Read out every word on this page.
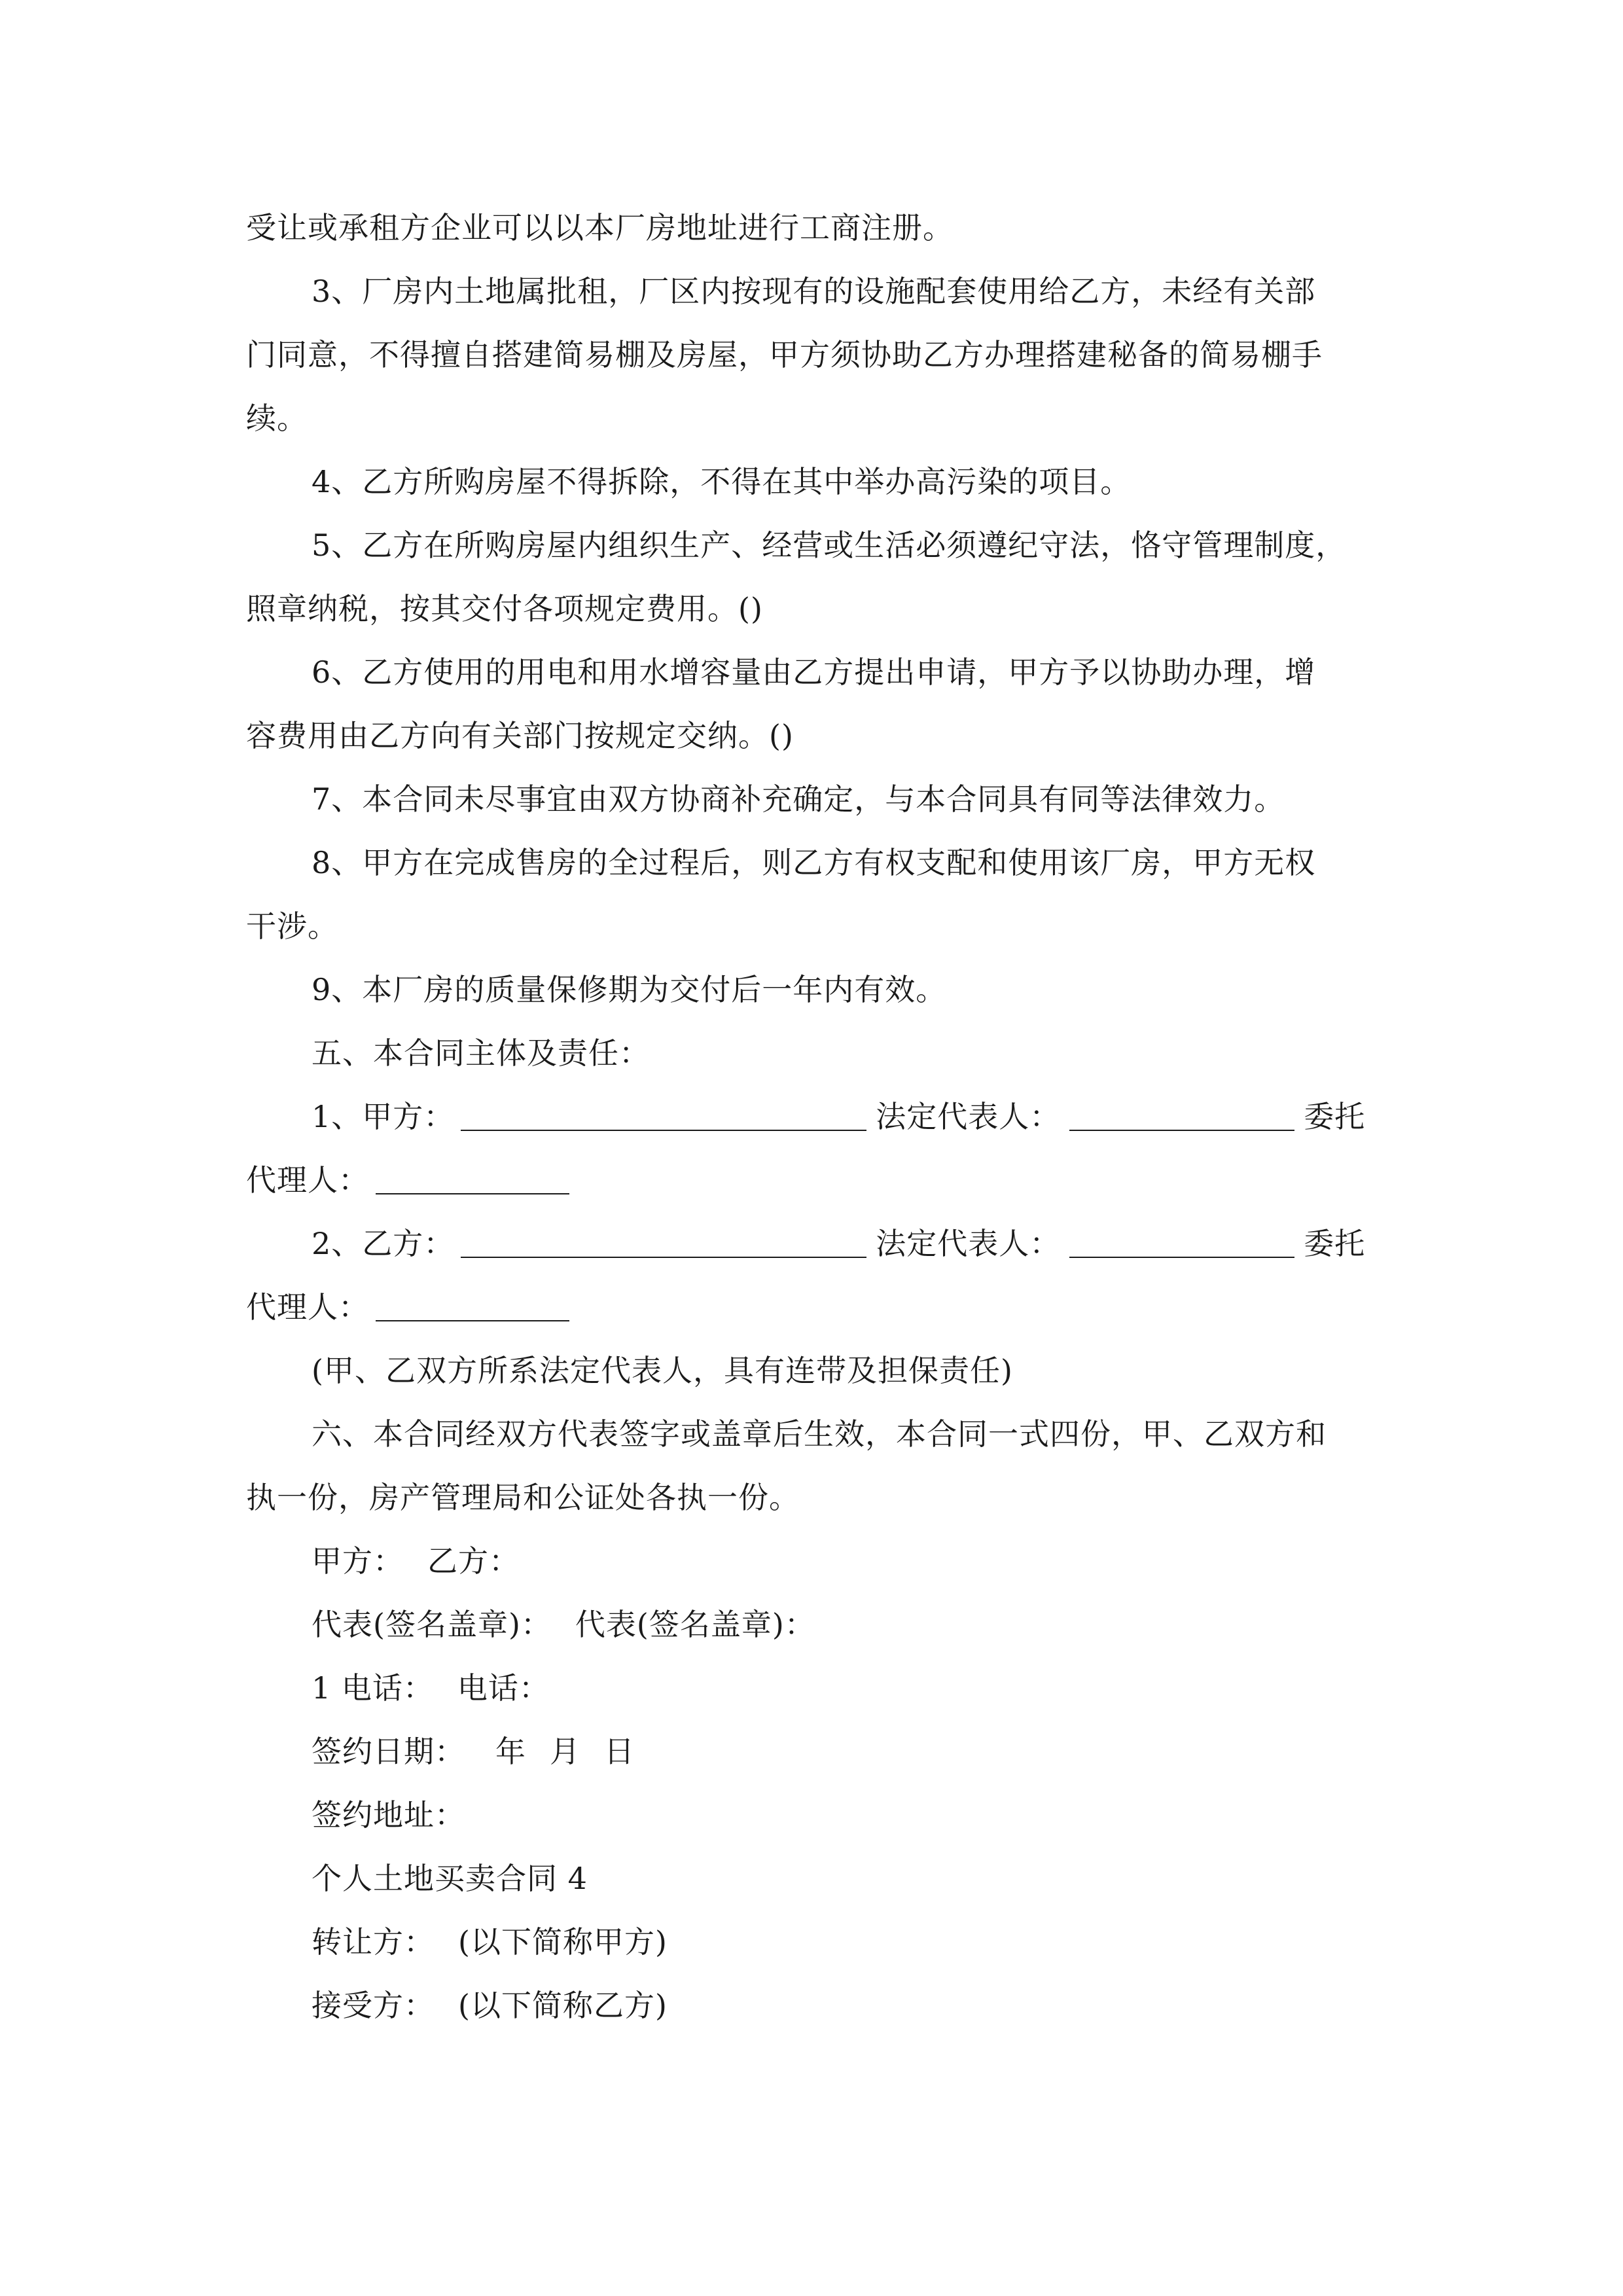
受让或承租方企业可以以本厂房地址进行工商注册。
3、厂房内土地属批租，厂区内按现有的设施配套使用给乙方，未经有关部
门同意，不得擅自搭建简易棚及房屋，甲方须协助乙方办理搭建秘备的简易棚手
续。
4、乙方所购房屋不得拆除，不得在其中举办高污染的项目。
5、乙方在所购房屋内组织生产、经营或生活必须遵纪守法，恪守管理制度，
照章纳税，按其交付各项规定费用。()
6、乙方使用的用电和用水增容量由乙方提出申请，甲方予以协助办理，增
容费用由乙方向有关部门按规定交纳。()
7、本合同未尽事宜由双方协商补充确定，与本合同具有同等法律效力。
8、甲方在完成售房的全过程后，则乙方有权支配和使用该厂房，甲方无权
干涉。
9、本厂房的质量保修期为交付后一年内有效。
五、本合同主体及责任：
1、甲方：	法定代表人：	委托
代理人：
2、乙方：	法定代表人：	委托
代理人：
(甲、乙双方所系法定代表人，具有连带及担保责任)
六、本合同经双方代表签字或盖章后生效，本合同一式四份，甲、乙双方和
执一份，房产管理局和公证处各执一份。
甲方： 乙方：
代表(签名盖章)： 代表(签名盖章)：
1 电话： 电话：
签约日期： 年 月 日
签约地址：
个人土地买卖合同 4
转让方： (以下简称甲方)
接受方： (以下简称乙方)
